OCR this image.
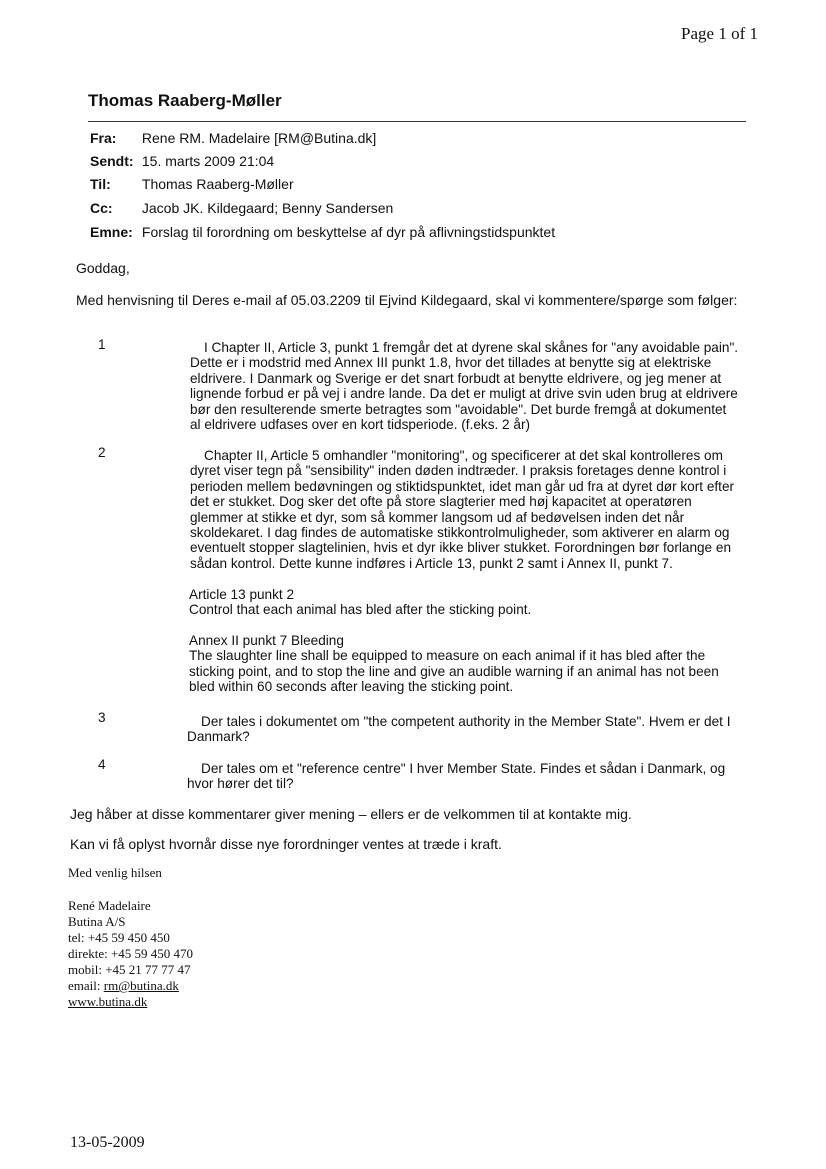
Page 1 of 1
Thomas Raaberg-Møller
Fra: Rene RM. Madelaire [RM@Butina.dk]
Sendt: 15. marts 2009 21:04
Til: Thomas Raaberg-Møller
Cc: Jacob JK. Kildegaard; Benny Sandersen
Emne: Forslag til forordning om beskyttelse af dyr på aflivningstidspunktet
Goddag,
Med henvisning til Deres e-mail af 05.03.2209 til Ejvind Kildegaard, skal vi kommentere/spørge som følger:
1	I Chapter II, Article 3, punkt 1 fremgår det at dyrene skal skånes for "any avoidable pain".

Dette er i modstrid med Annex III punkt 1.8, hvor det tillades at benytte sig at elektriske

eldrivere. I Danmark og Sverige er det snart forbudt at benytte eldrivere, og jeg mener at

lignende forbud er på vej i andre lande. Da det er muligt at drive svin uden brug at eldrivere

bør den resulterende smerte betragtes som "avoidable". Det burde fremgå at dokumentet

al eldrivere udfases over en kort tidsperiode. (f.eks. 2 år)

2	Chapter II, Article 5 omhandler "monitoring", og specificerer at det skal kontrolleres om

dyret viser tegn på "sensibility" inden døden indtræder. I praksis foretages denne kontrol i

perioden mellem bedøvningen og stiktidspunktet, idet man går ud fra at dyret dør kort efter

det er stukket. Dog sker det ofte på store slagterier med høj kapacitet at operatøren

glemmer at stikke et dyr, som så kommer langsom ud af bedøvelsen inden det når

skoldekaret. I dag findes de automatiske stikkontrolmuligheder, som aktiverer en alarm og

eventuelt stopper slagtelinien, hvis et dyr ikke bliver stukket. Forordningen bør forlange en

sådan kontrol. Dette kunne indføres i Article 13, punkt 2 samt i Annex II, punkt 7.

Article 13 punkt 2

Control that each animal has bled after the sticking point.

Annex II punkt 7 Bleeding

The slaughter line shall be equipped to measure on each animal if it has bled after the

sticking point, and to stop the line and give an audible warning if an animal has not been

bled within 60 seconds after leaving the sticking point.

3	Der tales i dokumentet om "the competent authority in the Member State". Hvem er det I

Danmark?

4	Der tales om et "reference centre" I hver Member State. Findes et sådan i Danmark, og

hvor hører det til?

Jeg håber at disse kommentarer giver mening – ellers er de velkommen til at kontakte mig.
Kan vi få oplyst hvornår disse nye forordninger ventes at træde i kraft.
Med venlig hilsen
René Madelaire
Butina A/S
tel: +45 59 450 450
direkte: +45 59 450 470
mobil: +45 21 77 77 47
email: rm@butina.dk
www.butina.dk
13-05-2009
